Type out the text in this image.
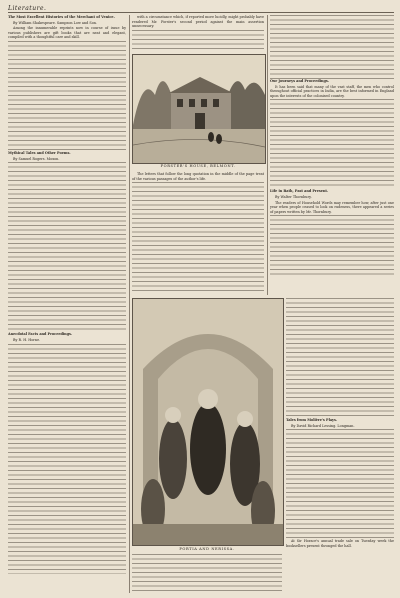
Literature.

The Most Excellent Histories of the Merchant of Venice.

By William Shakespeare. Sampson Low and Son.

Among the innumerable reprints now in course of issue by various publishers are gift books that are neat and elegant, compiled with a thoughtful care and skill.

Mythical Tales and Other Poems.

By Samuel Rogers. Moxon.

Anecdotal Facts and Proceedings.

By R. H. Horne.

with a circumstance which, if reported more lucidly, might probably have rendered Mr. Forster's second period against the main assertion unnecessary.

FORSTER'S HOUSE, BELMONT.

The letters that follow the long quotation in the middle of the page treat of the various passages of the author's life.

Our Journeys and Proceedings.

It has been said that many of the vast staff, the men who control throughout official practices in India, are the best informed in England upon the interests of the colonised country.

Life in Bath, Past and Present.

By Walter Thornbury.

The readers of Household Words may remember how, after just one year when people ceased to look on rudeness, there appeared a series of papers written by Mr. Thornbury.

PORTIA AND NERISSA.

Tales from Molière's Plays.

By David Richard Lessing. Longman.

At Sir Horace's annual trade sale on Tuesday week the booksellers present thronged the hall.
